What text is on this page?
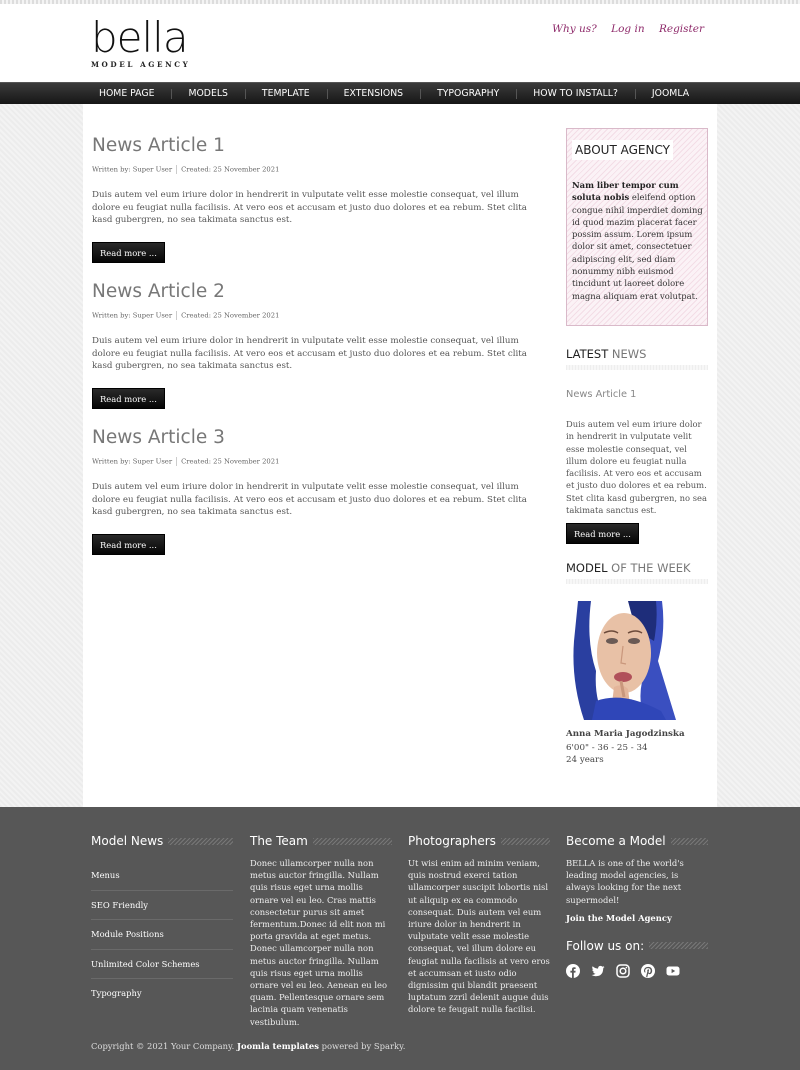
bella
MODEL AGENCY
Why us? Log in Register
HOME PAGE	MODELS	TEMPLATE	EXTENSIONS	TYPOGRAPHY	HOW TO INSTALL?	JOOMLA
News Article 1
Written by: Super User Created: 25 November 2021

Duis autem vel eum iriure dolor in hendrerit in vulputate velit esse molestie consequat, vel illum dolore eu feugiat nulla facilisis. At vero eos et accusam et justo duo dolores et ea rebum. Stet clita kasd gubergren, no sea takimata sanctus est.

Read more ...
News Article 2
Written by: Super User Created: 25 November 2021

Duis autem vel eum iriure dolor in hendrerit in vulputate velit esse molestie consequat, vel illum dolore eu feugiat nulla facilisis. At vero eos et accusam et justo duo dolores et ea rebum. Stet clita kasd gubergren, no sea takimata sanctus est.

Read more ...
News Article 3
Written by: Super User Created: 25 November 2021

Duis autem vel eum iriure dolor in hendrerit in vulputate velit esse molestie consequat, vel illum dolore eu feugiat nulla facilisis. At vero eos et accusam et justo duo dolores et ea rebum. Stet clita kasd gubergren, no sea takimata sanctus est.

Read more ...
ABOUT AGENCY
Nam liber tempor cum soluta nobis eleifend option congue nihil imperdiet doming id quod mazim placerat facer possim assum. Lorem ipsum dolor sit amet, consectetuer adipiscing elit, sed diam nonummy nibh euismod tincidunt ut laoreet dolore magna aliquam erat volutpat.
LATEST NEWS
News Article 1
Duis autem vel eum iriure dolor in hendrerit in vulputate velit esse molestie consequat, vel illum dolore eu feugiat nulla facilisis. At vero eos et accusam et justo duo dolores et ea rebum. Stet clita kasd gubergren, no sea takimata sanctus est.
Read more ...
MODEL OF THE WEEK
Anna Maria Jagodzinska
6'00" - 36 - 25 - 34
24 years
Model News
Menus
SEO Friendly
Module Positions
Unlimited Color Schemes
Typography
The Team

Donec ullamcorper nulla non metus auctor fringilla. Nullam quis risus eget urna mollis ornare vel eu leo. Cras mattis consectetur purus sit amet fermentum.Donec id elit non mi porta gravida at eget metus. Donec ullamcorper nulla non metus auctor fringilla. Nullam quis risus eget urna mollis ornare vel eu leo. Aenean eu leo quam. Pellentesque ornare sem lacinia quam venenatis vestibulum.

Photographers

Ut wisi enim ad minim veniam, quis nostrud exerci tation ullamcorper suscipit lobortis nisl ut aliquip ex ea commodo consequat. Duis autem vel eum iriure dolor in hendrerit in vulputate velit esse molestie consequat, vel illum dolore eu feugiat nulla facilisis at vero eros et accumsan et iusto odio dignissim qui blandit praesent luptatum zzril delenit augue duis dolore te feugait nulla facilisi.

Become a Model

BELLA is one of the world's leading model agencies, is always looking for the next supermodel!

Join the Model Agency
Follow us on:
Copyright © 2021 Your Company. Joomla templates powered by Sparky.
